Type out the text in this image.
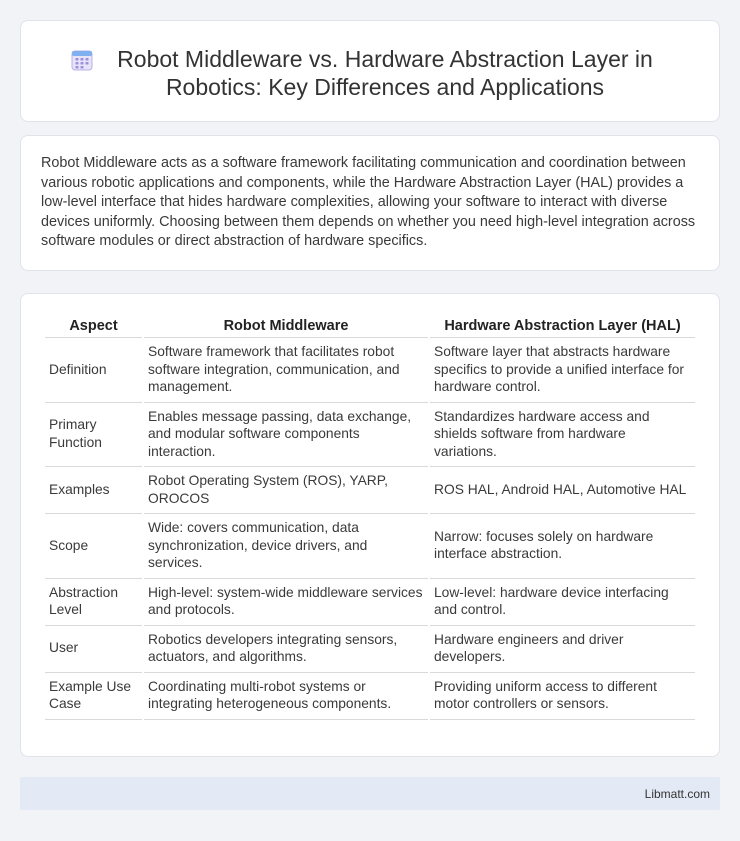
Robot Middleware vs. Hardware Abstraction Layer in
Robotics: Key Differences and Applications

Robot Middleware acts as a software framework facilitating communication and coordination between various robotic applications and components, while the Hardware Abstraction Layer (HAL) provides a low-level interface that hides hardware complexities, allowing your software to interact with diverse devices uniformly. Choosing between them depends on whether you need high-level integration across software modules or direct abstraction of hardware specifics.

Aspect	Robot Middleware	Hardware Abstraction Layer (HAL)
Definition	Software framework that facilitates robot software integration, communication, and management.	Software layer that abstracts hardware specifics to provide a unified interface for hardware control.
Primary Function	Enables message passing, data exchange, and modular software components interaction.	Standardizes hardware access and shields software from hardware variations.
Examples	Robot Operating System (ROS), YARP, OROCOS	ROS HAL, Android HAL, Automotive HAL
Scope	Wide: covers communication, data synchronization, device drivers, and services.	Narrow: focuses solely on hardware interface abstraction.
Abstraction Level	High-level: system-wide middleware services and protocols.	Low-level: hardware device interfacing and control.
User	Robotics developers integrating sensors, actuators, and algorithms.	Hardware engineers and driver developers.
Example Use Case	Coordinating multi-robot systems or integrating heterogeneous components.	Providing uniform access to different motor controllers or sensors.
Libmatt.com
